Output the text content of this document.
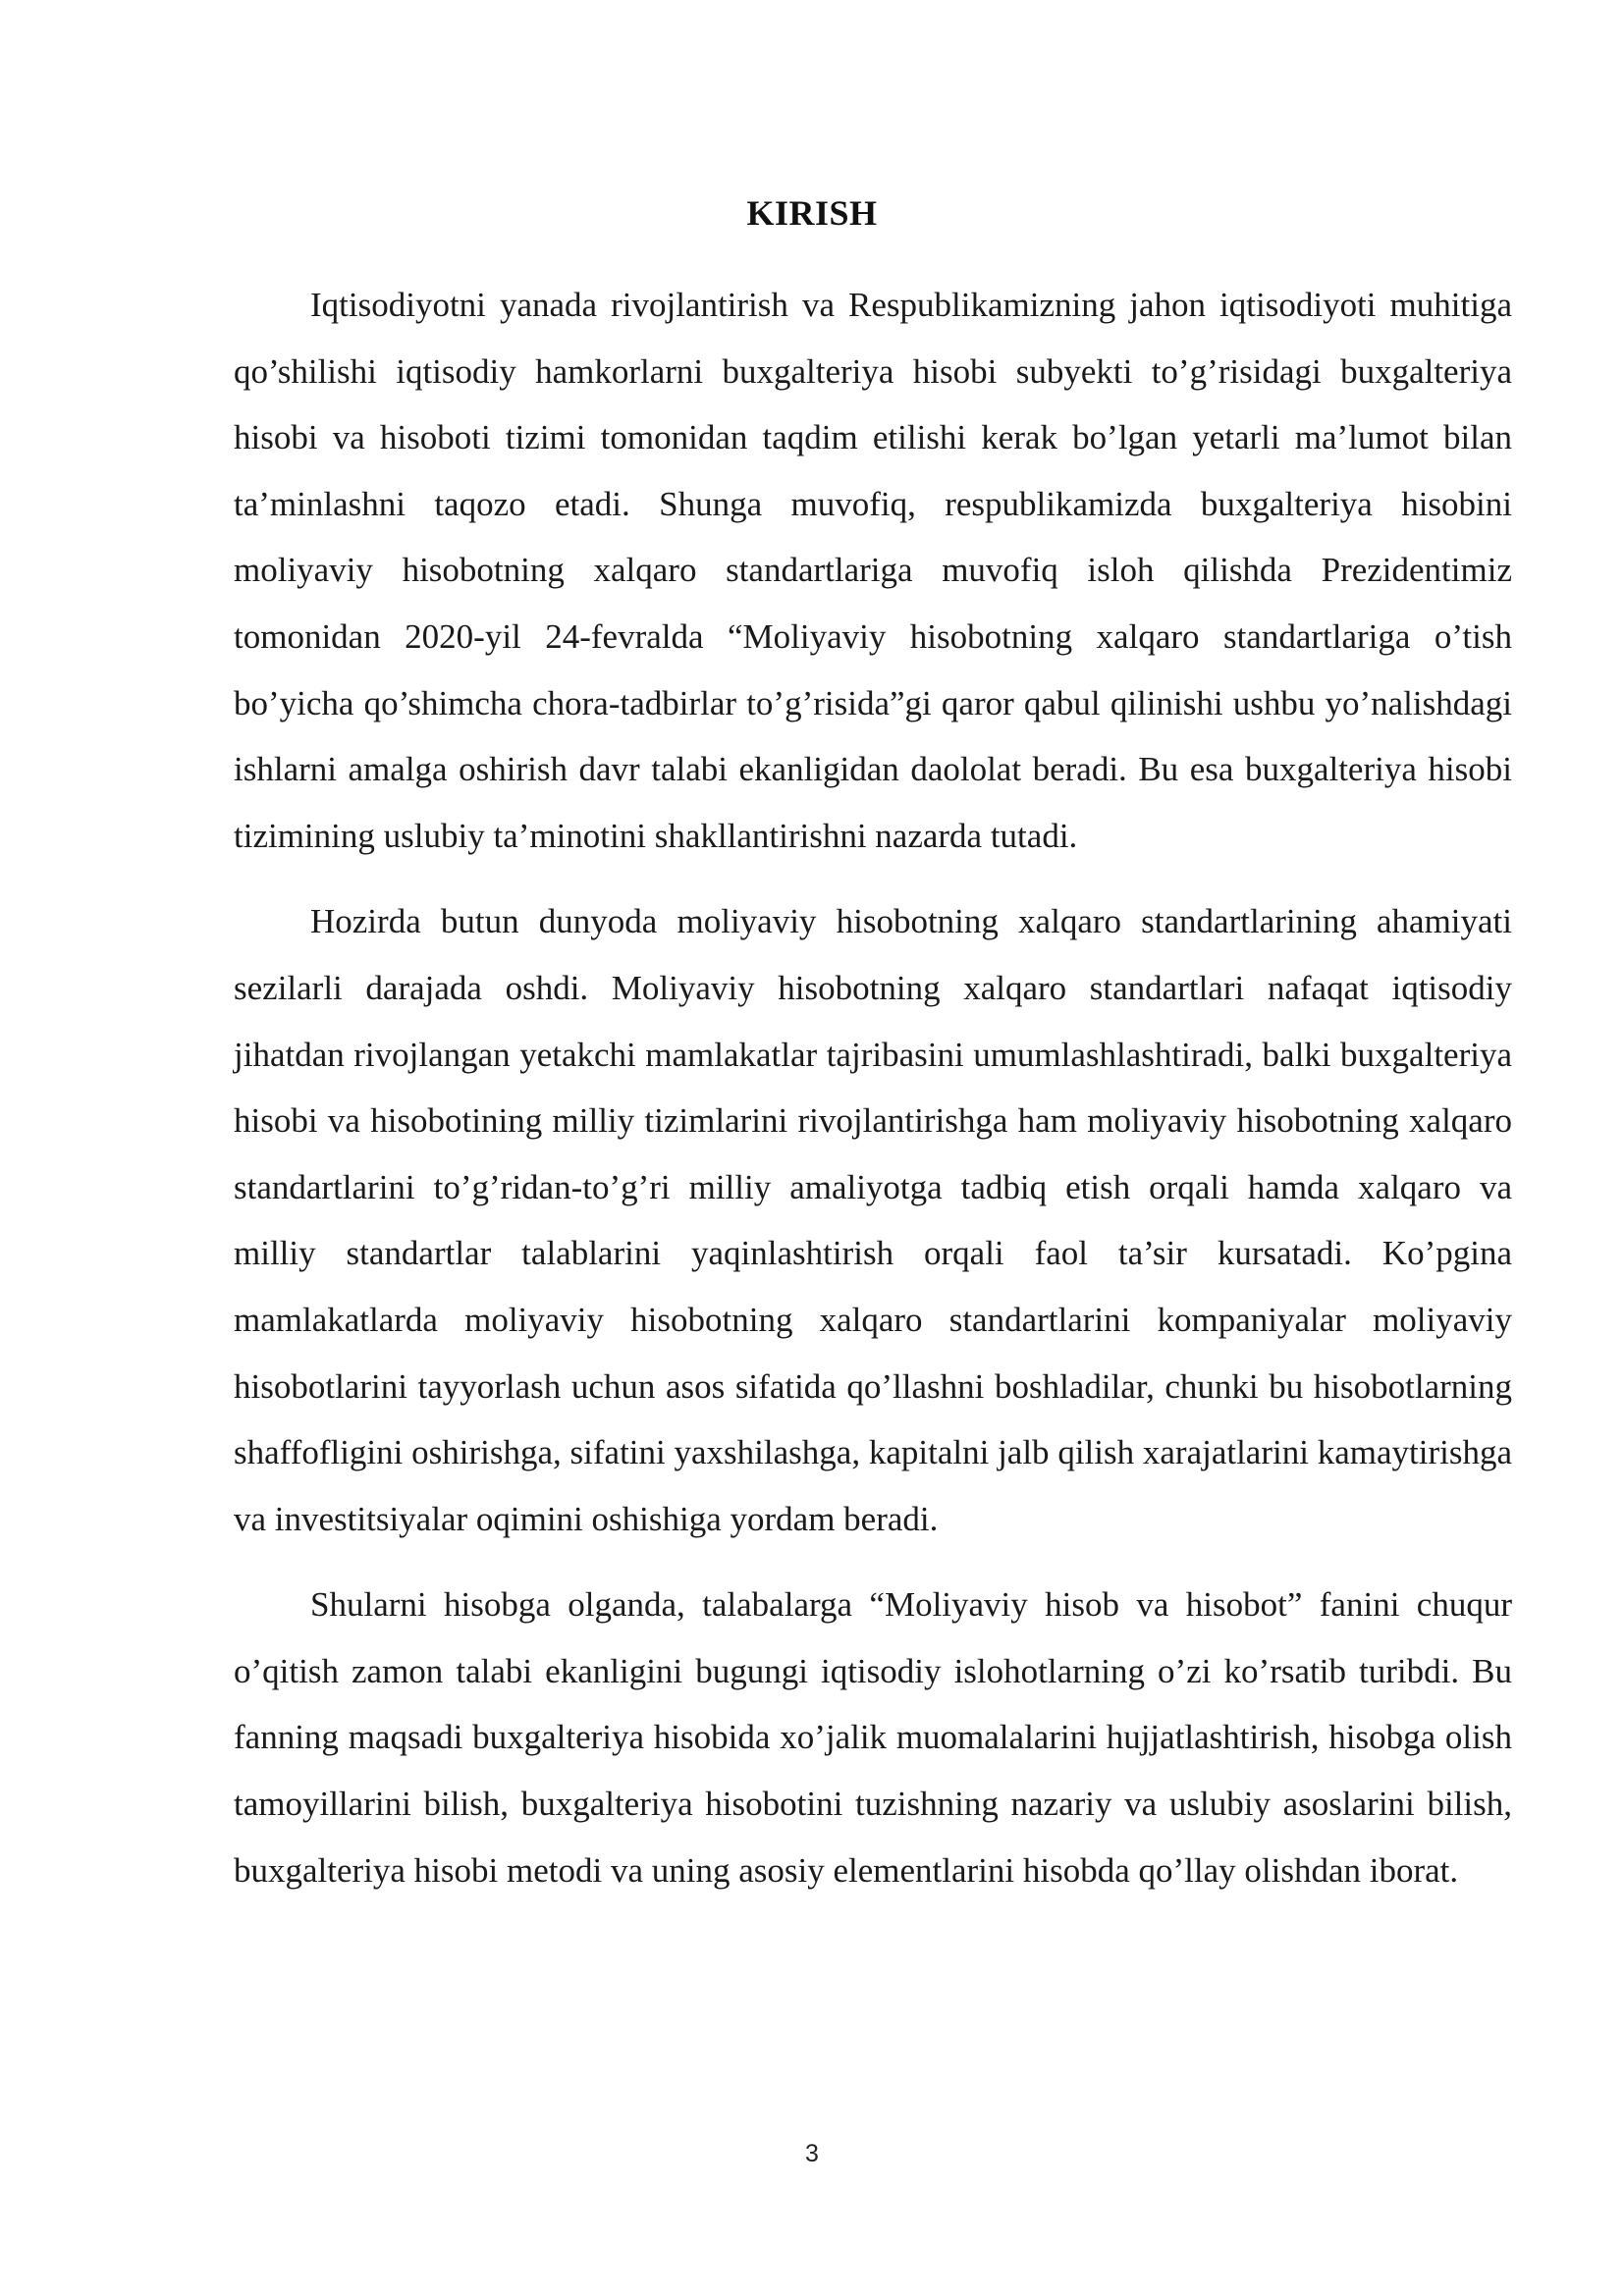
KIRISH

Iqtisodiyotni yanada rivojlantirish va Respublikamizning jahon iqtisodiyoti muhitiga qo’shilishi iqtisodiy hamkorlarni buxgalteriya hisobi subyekti to’g’risidagi buxgalteriya hisobi va hisoboti tizimi tomonidan taqdim etilishi kerak bo’lgan yetarli ma’lumot bilan ta’minlashni taqozo etadi. Shunga muvofiq, respublikamizda buxgalteriya hisobini moliyaviy hisobotning xalqaro standartlariga muvofiq isloh qilishda Prezidentimiz tomonidan 2020-yil 24-fevralda “Moliyaviy hisobotning xalqaro standartlariga o’tish bo’yicha qo’shimcha chora-tadbirlar to’g’risida”gi qaror qabul qilinishi ushbu yo’nalishdagi ishlarni amalga oshirish davr talabi ekanligidan daololat beradi. Bu esa buxgalteriya hisobi tizimining uslubiy ta’minotini shakllantirishni nazarda tutadi.

Hozirda butun dunyoda moliyaviy hisobotning xalqaro standartlarining ahamiyati sezilarli darajada oshdi. Moliyaviy hisobotning xalqaro standartlari nafaqat iqtisodiy jihatdan rivojlangan yetakchi mamlakatlar tajribasini umumlashlashtiradi, balki buxgalteriya hisobi va hisobotining milliy tizimlarini rivojlantirishga ham moliyaviy hisobotning xalqaro standartlarini to’g’ridan-to’g’ri milliy amaliyotga tadbiq etish orqali hamda xalqaro va milliy standartlar talablarini yaqinlashtirish orqali faol ta’sir kursatadi. Ko’pgina mamlakatlarda moliyaviy hisobotning xalqaro standartlarini kompaniyalar moliyaviy hisobotlarini tayyorlash uchun asos sifatida qo’llashni boshladilar, chunki bu hisobotlarning shaffofligini oshirishga, sifatini yaxshilashga, kapitalni jalb qilish xarajatlarini kamaytirishga va investitsiyalar oqimini oshishiga yordam beradi.

Shularni hisobga olganda, talabalarga “Moliyaviy hisob va hisobot” fanini chuqur o’qitish zamon talabi ekanligini bugungi iqtisodiy islohotlarning o’zi ko’rsatib turibdi. Bu fanning maqsadi buxgalteriya hisobida xo’jalik muomalalarini hujjatlashtirish, hisobga olish tamoyillarini bilish, buxgalteriya hisobotini tuzishning nazariy va uslubiy asoslarini bilish, buxgalteriya hisobi metodi va uning asosiy elementlarini hisobda qo’llay olishdan iborat.

3
